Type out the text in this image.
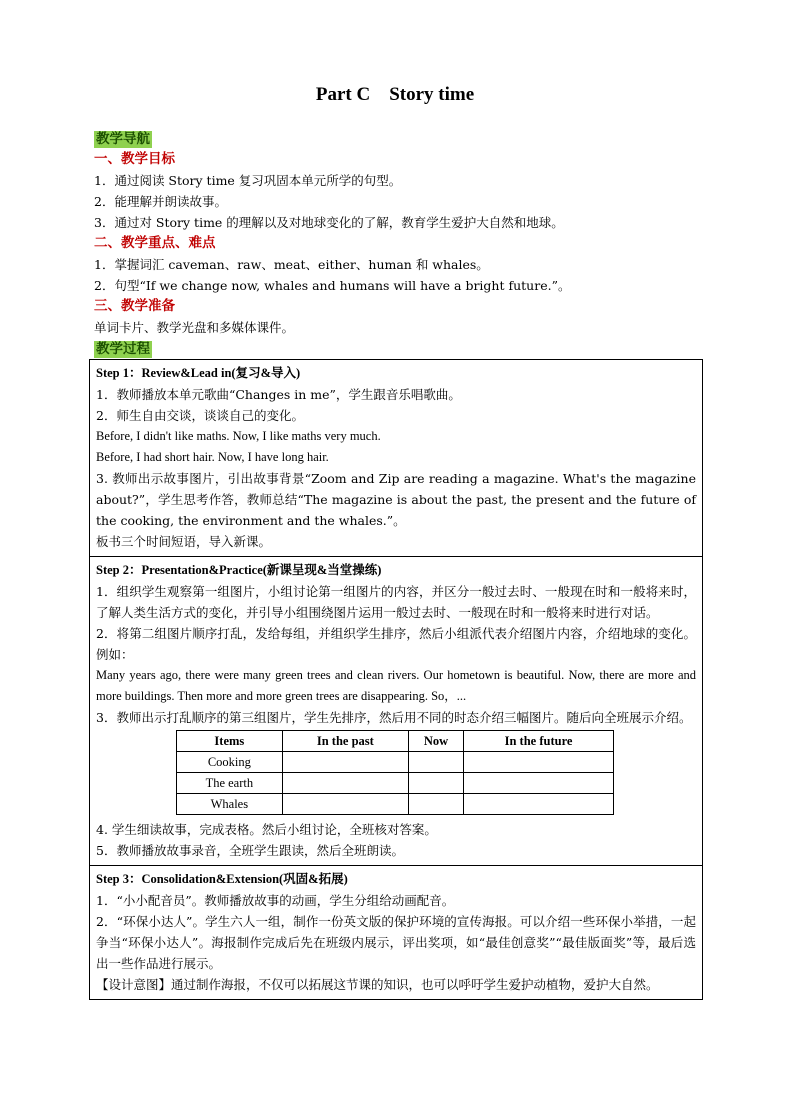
Part C    Story time
教学导航
一、教学目标
1．通过阅读 Story time 复习巩固本单元所学的句型。
2．能理解并朗读故事。
3．通过对 Story time 的理解以及对地球变化的了解，教育学生爱护大自然和地球。
二、教学重点、难点
1．掌握词汇 caveman、raw、meat、either、human 和 whales。
2．句型“If we change now, whales and humans will have a bright future.”。
三、教学准备
单词卡片、教学光盘和多媒体课件。
教学过程
Step 1：Review&Lead in(复习&导入)
1．教师播放本单元歌曲“Changes in me”，学生跟音乐唱歌曲。
2．师生自由交谈，谈谈自己的变化。
Before, I didn't like maths. Now, I like maths very much.
Before, I had short hair. Now, I have long hair.
3. 教师出示故事图片，引出故事背景“Zoom and Zip are reading a magazine. What's the magazine about?”，学生思考作答，教师总结“The magazine is about the past, the present and the future of the cooking, the environment and the whales.”。
板书三个时间短语，导入新课。

Step 2：Presentation&Practice(新课呈现&当堂操练)
1．组织学生观察第一组图片，小组讨论第一组图片的内容，并区分一般过去时、一般现在时和一般将来时，了解人类生活方式的变化，并引导小组围绕图片运用一般过去时、一般现在时和一般将来时进行对话。
2．将第二组图片顺序打乱，发给每组，并组织学生排序，然后小组派代表介绍图片内容，介绍地球的变化。例如：
Many years ago, there were many green trees and clean rivers. Our hometown is beautiful. Now, there are more and more buildings. Then more and more green trees are disappearing. So，...
3．教师出示打乱顺序的第三组图片，学生先排序，然后用不同的时态介绍三幅图片。随后向全班展示介绍。
Items	In the past	Now	In the future
Cooking			
The earth			
Whales			
4. 学生细读故事，完成表格。然后小组讨论，全班核对答案。
5．教师播放故事录音，全班学生跟读，然后全班朗读。

Step 3：Consolidation&Extension(巩固&拓展)
1．“小小配音员”。教师播放故事的动画，学生分组给动画配音。
2．“环保小达人”。学生六人一组，制作一份英文版的保护环境的宣传海报。可以介绍一些环保小举措，一起争当“环保小达人”。海报制作完成后先在班级内展示，评出奖项，如“最佳创意奖”“最佳版面奖”等，最后选出一些作品进行展示。
【设计意图】通过制作海报，不仅可以拓展这节课的知识，也可以呼吁学生爱护动植物，爱护大自然。
